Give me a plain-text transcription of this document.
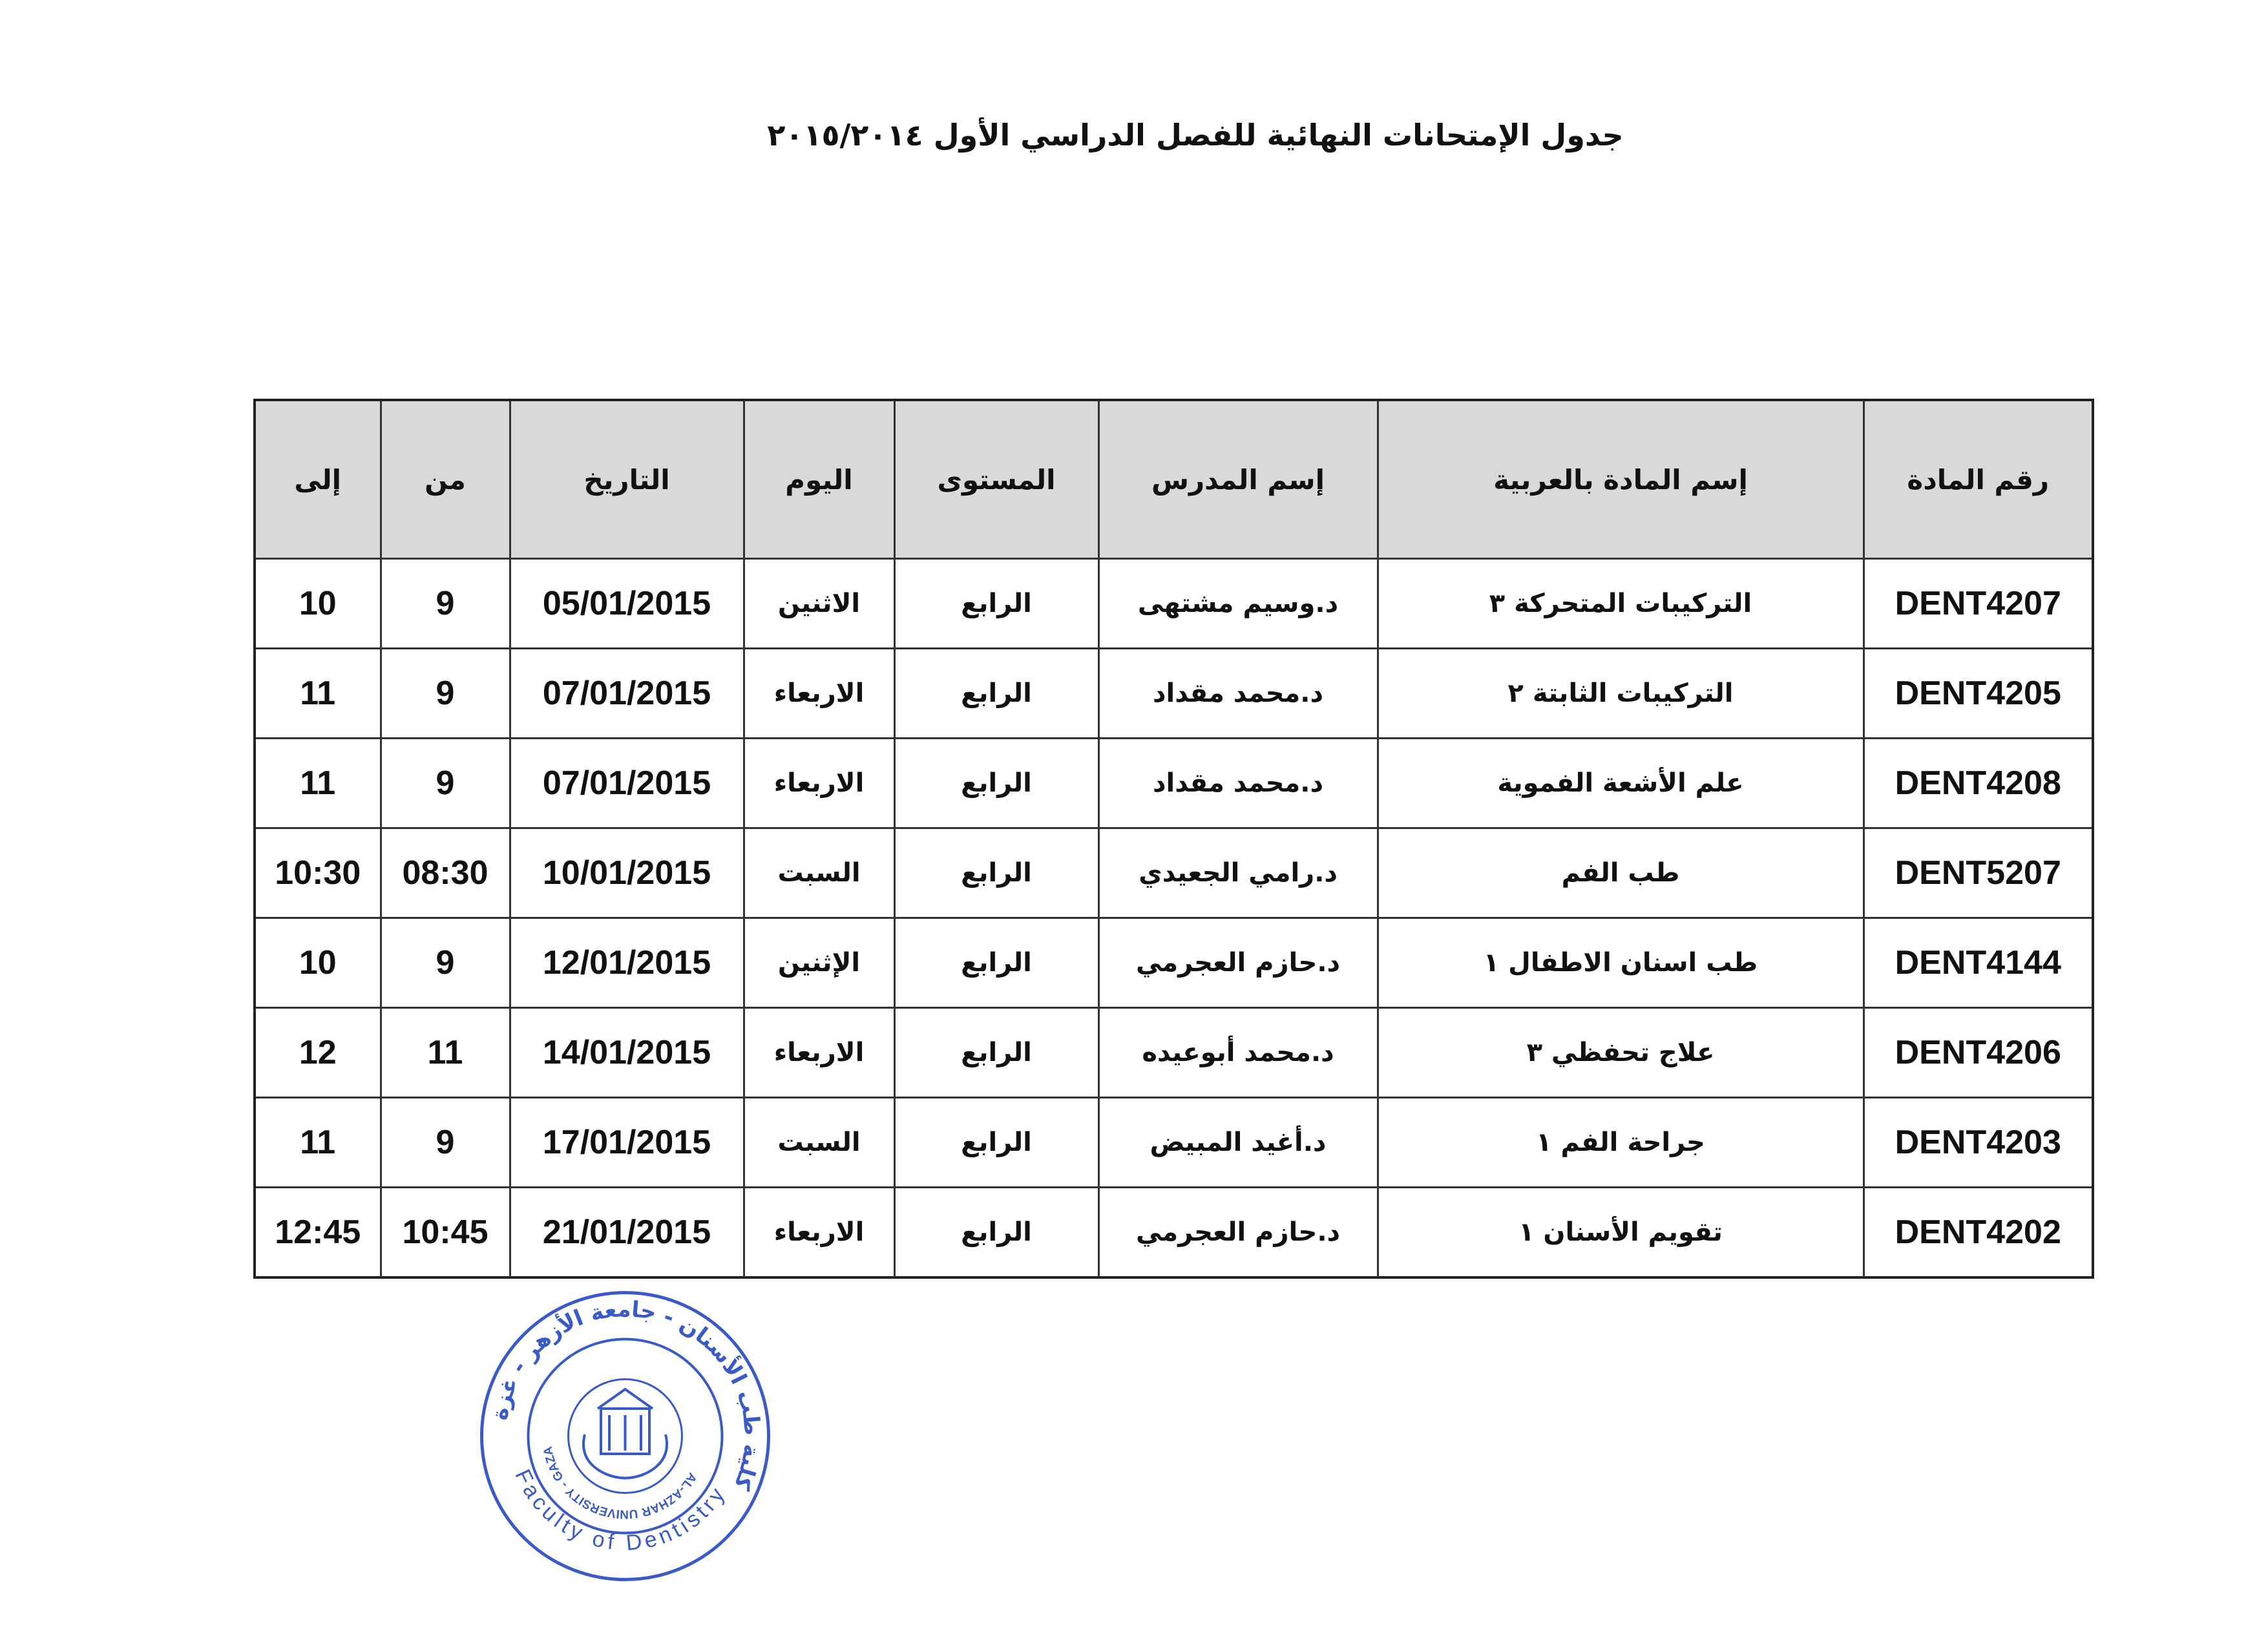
جدول الإمتحانات النهائية للفصل الدراسي الأول ٢٠١٥/٢٠١٤
رقم المادة	إسم المادة بالعربية	إسم المدرس	المستوى	اليوم	التاريخ	من	إلى
DENT4207	التركيبات المتحركة ٣	د.وسيم مشتهى	الرابع	الاثنين	05/01/2015	9	10
DENT4205	التركيبات الثابتة ٢	د.محمد مقداد	الرابع	الاربعاء	07/01/2015	9	11
DENT4208	علم الأشعة الفموية	د.محمد مقداد	الرابع	الاربعاء	07/01/2015	9	11
DENT5207	طب الفم	د.رامي الجعيدي	الرابع	السبت	10/01/2015	08:30	10:30
DENT4144	طب اسنان الاطفال ١	د.حازم العجرمي	الرابع	الإثنين	12/01/2015	9	10
DENT4206	علاج تحفظي ٣	د.محمد أبوعيده	الرابع	الاربعاء	14/01/2015	11	12
DENT4203	جراحة الفم ١	د.أغيد المبيض	الرابع	السبت	17/01/2015	9	11
DENT4202	تقويم الأسنان ١	د.حازم العجرمي	الرابع	الاربعاء	21/01/2015	10:45	12:45
كلية طب الأسنان - جامعة الأزهر - غزة
Faculty of Dentistry
AL-AZHAR UNIVERSITY - GAZA
